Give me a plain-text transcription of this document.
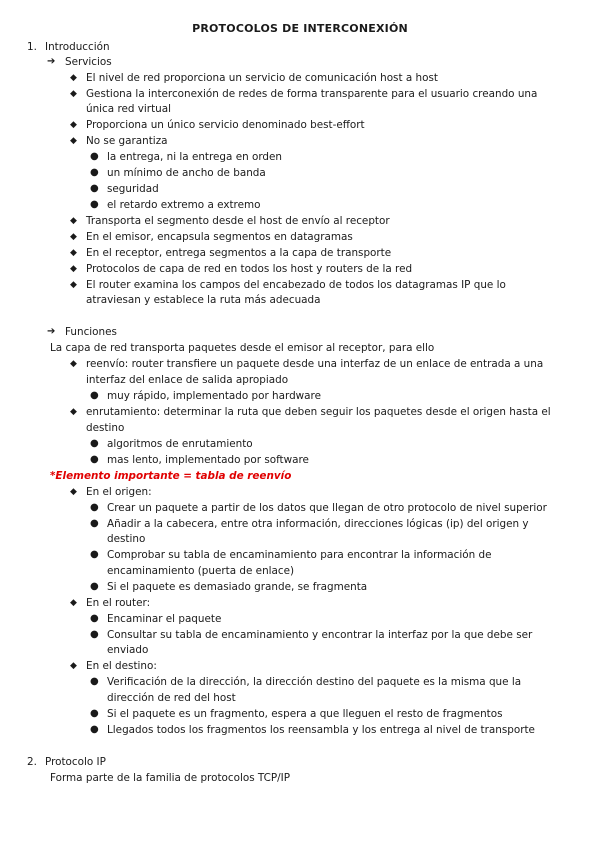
PROTOCOLOS DE INTERCONEXIÓN
1. Introducción
➔ Servicios
◆ El nivel de red proporciona un servicio de comunicación host a host
◆ Gestiona la interconexión de redes de forma transparente para el usuario creando una
única red virtual
◆ Proporciona un único servicio denominado best-effort
◆ No se garantiza
● la entrega, ni la entrega en orden
● un mínimo de ancho de banda
● seguridad
● el retardo extremo a extremo
◆ Transporta el segmento desde el host de envío al receptor
◆ En el emisor, encapsula segmentos en datagramas
◆ En el receptor, entrega segmentos a la capa de transporte
◆ Protocolos de capa de red en todos los host y routers de la red
◆ El router examina los campos del encabezado de todos los datagramas IP que lo
atraviesan y establece la ruta más adecuada
➔ Funciones
La capa de red transporta paquetes desde el emisor al receptor, para ello
◆ reenvío: router transfiere un paquete desde una interfaz de un enlace de entrada a una
interfaz del enlace de salida apropiado
● muy rápido, implementado por hardware
◆ enrutamiento: determinar la ruta que deben seguir los paquetes desde el origen hasta el
destino
● algoritmos de enrutamiento
● mas lento, implementado por software
*Elemento importante = tabla de reenvío
◆ En el origen:
● Crear un paquete a partir de los datos que llegan de otro protocolo de nivel superior
● Añadir a la cabecera, entre otra información, direcciones lógicas (ip) del origen y
destino
● Comprobar su tabla de encaminamiento para encontrar la información de
encaminamiento (puerta de enlace)
● Si el paquete es demasiado grande, se fragmenta
◆ En el router:
● Encaminar el paquete
● Consultar su tabla de encaminamiento y encontrar la interfaz por la que debe ser
enviado
◆ En el destino:
● Verificación de la dirección, la dirección destino del paquete es la misma que la
dirección de red del host
● Si el paquete es un fragmento, espera a que lleguen el resto de fragmentos
● Llegados todos los fragmentos los reensambla y los entrega al nivel de transporte
2. Protocolo IP
Forma parte de la familia de protocolos TCP/IP
